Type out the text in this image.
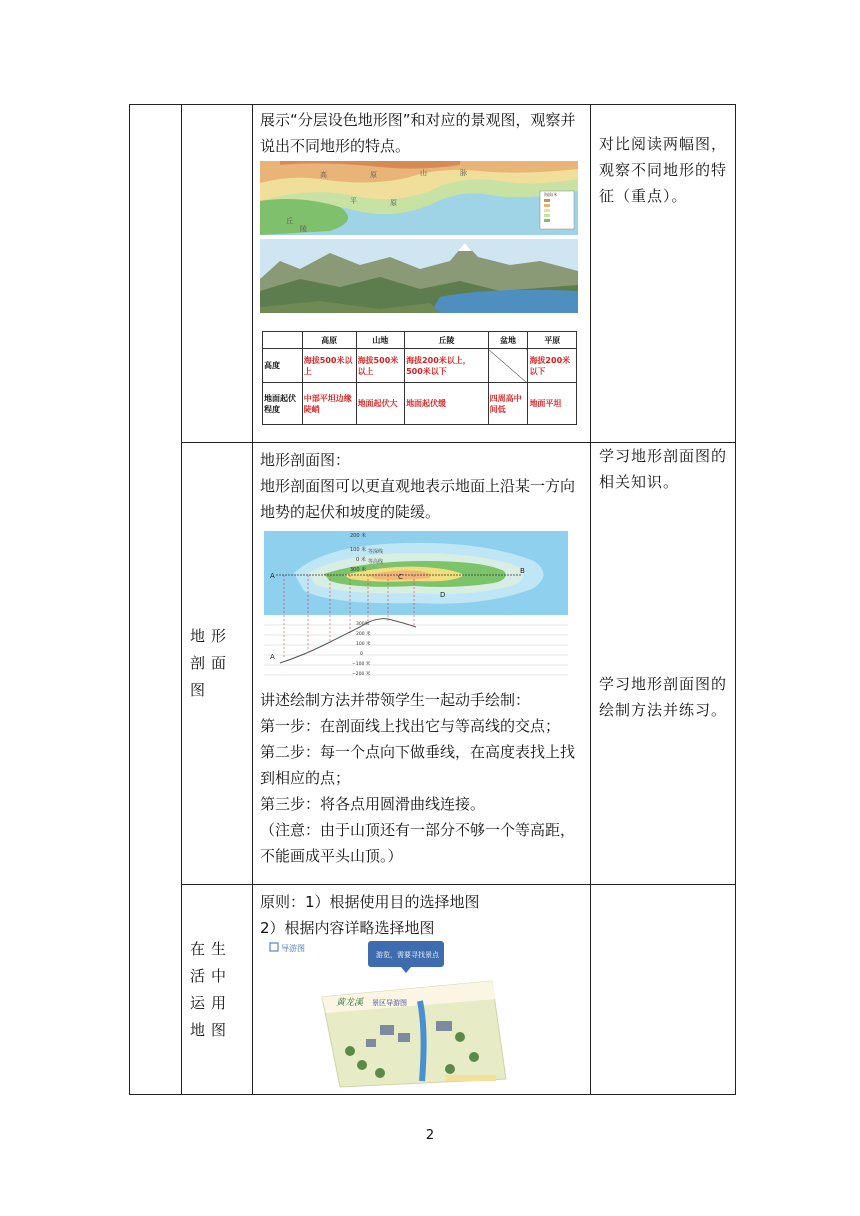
展示“分层设色地形图”和对应的景观图，观察并说出不同地形的特点。

海拔/米
高	原	山	脉
平	原
丘
陵
	高原	山地	丘陵	盆地	平原
高度	海拔500米以上	海拔500米以上	海拔200米以上，500米以下		海拔200米以下
地面起伏程度	中部平坦边缘陡峭	地面起伏大	地面起伏缓	四周高中间低	地面平坦

对比阅读两幅图，观察不同地形的特征（重点）。

地形剖面图

地形剖面图：

地形剖面图可以更直观地表示地面上沿某一方向地势的起伏和坡度的陡缓。

A
B
C
D
200 米
100 米
0 米
等深线
等高线
300 米
A
300米
200 米
100 米
0
−100 米
−200 米

讲述绘制方法并带领学生一起动手绘制：

第一步：在剖面线上找出它与等高线的交点；

第二步：每一个点向下做垂线，在高度表找上找到相应的点；

第三步：将各点用圆滑曲线连接。

（注意：由于山顶还有一部分不够一个等高距，不能画成平头山顶。）

学习地形剖面图的相关知识。
学习地形剖面图的绘制方法并练习。

在生活中运用地图

原则：1）根据使用目的选择地图

2）根据内容详略选择地图

导游图
游览，需要寻找景点
黄龙溪 景区导游图

2
